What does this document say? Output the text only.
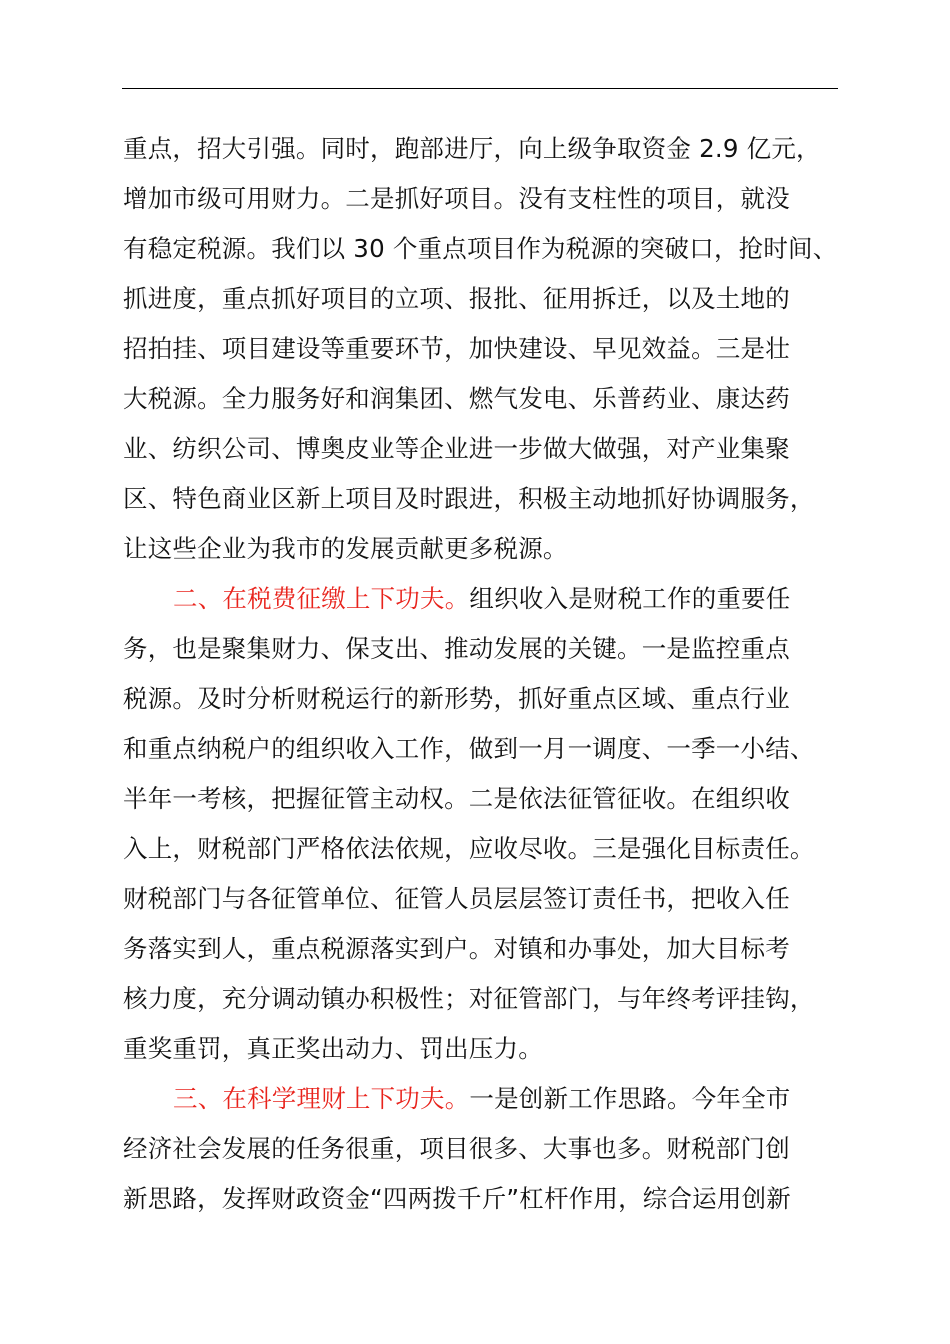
重点，招大引强。同时，跑部进厅，向上级争取资金 2.9 亿元，
增加市级可用财力。二是抓好项目。没有支柱性的项目，就没
有稳定税源。我们以 30 个重点项目作为税源的突破口，抢时间、
抓进度，重点抓好项目的立项、报批、征用拆迁，以及土地的
招拍挂、项目建设等重要环节，加快建设、早见效益。三是壮
大税源。全力服务好和润集团、燃气发电、乐普药业、康达药
业、纺织公司、博奥皮业等企业进一步做大做强，对产业集聚
区、特色商业区新上项目及时跟进，积极主动地抓好协调服务，
让这些企业为我市的发展贡献更多税源。
二、在税费征缴上下功夫。组织收入是财税工作的重要任
务，也是聚集财力、保支出、推动发展的关键。一是监控重点
税源。及时分析财税运行的新形势，抓好重点区域、重点行业
和重点纳税户的组织收入工作，做到一月一调度、一季一小结、
半年一考核，把握征管主动权。二是依法征管征收。在组织收
入上，财税部门严格依法依规，应收尽收。三是强化目标责任。
财税部门与各征管单位、征管人员层层签订责任书，把收入任
务落实到人，重点税源落实到户。对镇和办事处，加大目标考
核力度，充分调动镇办积极性；对征管部门，与年终考评挂钩，
重奖重罚，真正奖出动力、罚出压力。
三、在科学理财上下功夫。一是创新工作思路。今年全市
经济社会发展的任务很重，项目很多、大事也多。财税部门创
新思路，发挥财政资金“四两拨千斤”杠杆作用，综合运用创新
